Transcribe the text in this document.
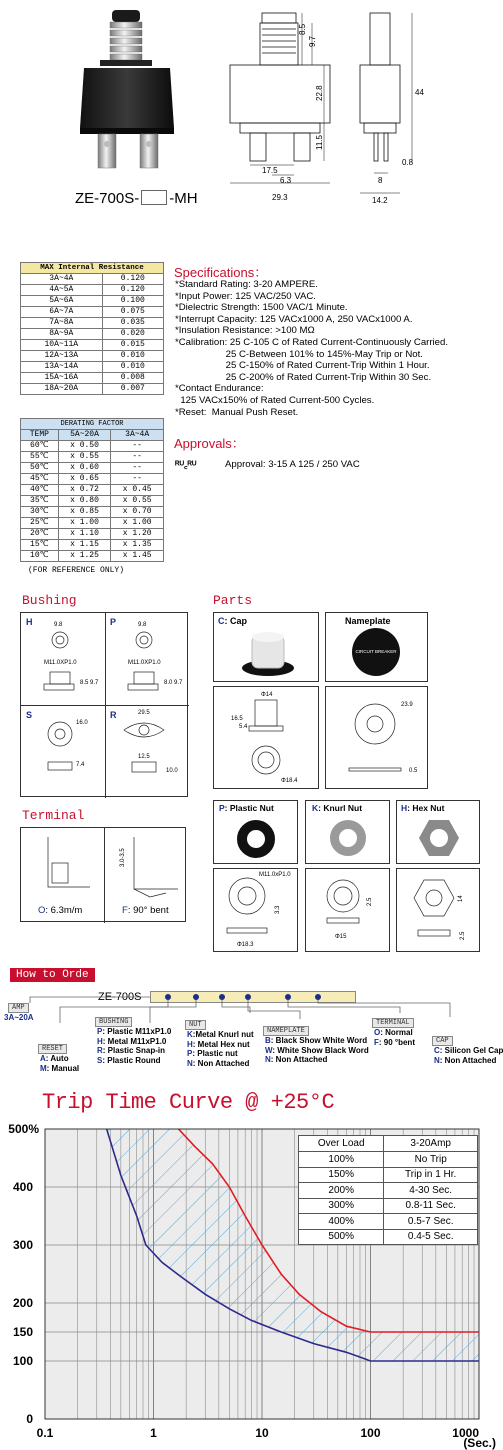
ZE-700S- -MH
8.5
9.7
22.8
11.5
17.5
6.3
29.3
44
0.8
8
14.2
MAX Internal Resistance	
3A~4A	0.120
4A~5A	0.120
5A~6A	0.100
6A~7A	0.075
7A~8A	0.035
8A~9A	0.020
10A~11A	0.015
12A~13A	0.010
13A~14A	0.010
15A~16A	0.008
18A~20A	0.007
DERATING FACTOR		
TEMP	5A~20A	3A~4A
60℃	x 0.50	--
55℃	x 0.55	--
50℃	x 0.60	--
45℃	x 0.65	--
40℃	x 0.72	x 0.45
35℃	x 0.80	x 0.55
30℃	x 0.85	x 0.70
25℃	x 1.00	x 1.00
20℃	x 1.10	x 1.20
15℃	x 1.15	x 1.35
10℃	x 1.25	x 1.45
(FOR REFERENCE ONLY)
Specifications：
*Standard Rating: 3-20 AMPERE.
*Input Power: 125 VAC/250 VAC.
*Dielectric Strength: 1500 VAC/1 Minute.
*Interrupt Capacity: 125 VACx1000 A, 250 VACx1000 A.
*Insulation Resistance: >100 MΩ
*Calibration: 25 C-105 C of Rated Current-Continuously Carried.
25 C-Between 101% to 145%-May Trip or Not.
25 C-150% of Rated Current-Trip Within 1 Hour.
25 C-200% of Rated Current-Trip Within 30 Sec.
*Contact Endurance:
125 VACx150% of Rated Current-500 Cycles.
*Reset:  Manual Push Reset.
Approvals：
ᴿᵁ꜀ᴿᵁ	Approval: 3-15 A 125 / 250 VAC
Bushing
H	P
S	R
9.8
M11.0XP1.0
8.5 9.7
9.8
M11.0XP1.0
8.0 9.7
16.0
7.4
29.5
12.5
10.0
Parts
C: Cap	Nameplate
CIRCUIT BREAKER
Φ14
16.5
5.4
Φ18.4
23.9
0.5
Terminal
3.0-3.5
O: 6.3m/m	F: 90° bent
P: Plastic Nut	K: Knurl Nut	H: Hex Nut
M11.0xP1.0
3.3
Φ18.3
2.5
Φ15
14
2.5
How to Orde
ZE-700S
AMP
3A~20A
RESET
A: Auto
M: Manual
BUSHING
P: Plastic M11xP1.0
H: Metal M11xP1.0
R: Plastic Snap-in
S: Plastic Round
NUT
K:Metal Knurl nut
H: Metal Hex nut
P: Plastic nut
N: Non Attached
NAMEPLATE
B: Black Show White Word
W: White Show Black Word
N: Non Attached
TERMINAL
O: Normal
F: 90 °bent	CAP
C: Silicon Gel Cap
N: Non Attached
Trip Time Curve @ +25°C
0.1	1	10	100	1000
0
100
150
200
300
400
500%
(Sec.)
Over Load	3-20Amp
100%	No Trip
150%	Trip in 1 Hr.
200%	4-30 Sec.
300%	0.8-11 Sec.
400%	0.5-7 Sec.
500%	0.4-5 Sec.
